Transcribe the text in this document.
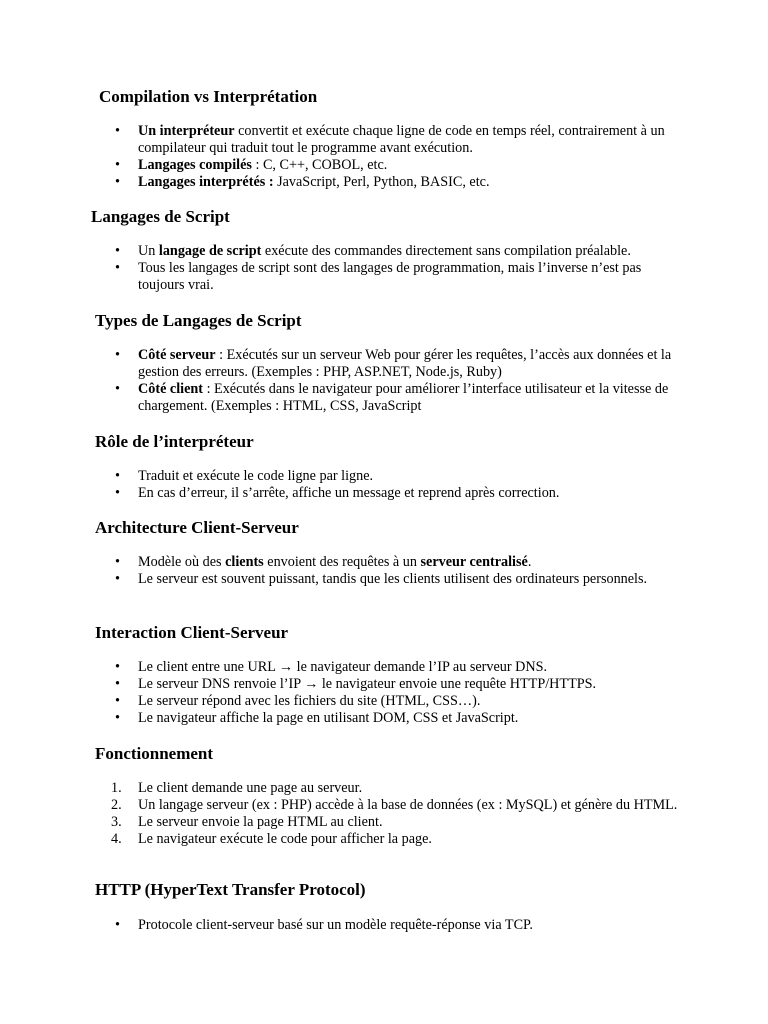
Compilation vs Interprétation
• Un interpréteur convertit et exécute chaque ligne de code en temps réel, contrairement à un compilateur qui traduit tout le programme avant exécution.
• Langages compilés : C, C++, COBOL, etc.
• Langages interprétés : JavaScript, Perl, Python, BASIC, etc.
Langages de Script
• Un langage de script exécute des commandes directement sans compilation préalable.
• Tous les langages de script sont des langages de programmation, mais l’inverse n’est pas toujours vrai.
Types de Langages de Script
• Côté serveur : Exécutés sur un serveur Web pour gérer les requêtes, l’accès aux données et la gestion des erreurs. (Exemples : PHP, ASP.NET, Node.js, Ruby)
• Côté client : Exécutés dans le navigateur pour améliorer l’interface utilisateur et la vitesse de chargement. (Exemples : HTML, CSS, JavaScript
Rôle de l’interpréteur
• Traduit et exécute le code ligne par ligne.
• En cas d’erreur, il s’arrête, affiche un message et reprend après correction.
Architecture Client-Serveur
• Modèle où des clients envoient des requêtes à un serveur centralisé.
• Le serveur est souvent puissant, tandis que les clients utilisent des ordinateurs personnels.
Interaction Client-Serveur
• Le client entre une URL → le navigateur demande l’IP au serveur DNS.
• Le serveur DNS renvoie l’IP → le navigateur envoie une requête HTTP/HTTPS.
• Le serveur répond avec les fichiers du site (HTML, CSS…).
• Le navigateur affiche la page en utilisant DOM, CSS et JavaScript.
Fonctionnement
1. Le client demande une page au serveur.
2. Un langage serveur (ex : PHP) accède à la base de données (ex : MySQL) et génère du HTML.
3. Le serveur envoie la page HTML au client.
4. Le navigateur exécute le code pour afficher la page.
HTTP (HyperText Transfer Protocol)
• Protocole client-serveur basé sur un modèle requête-réponse via TCP.
